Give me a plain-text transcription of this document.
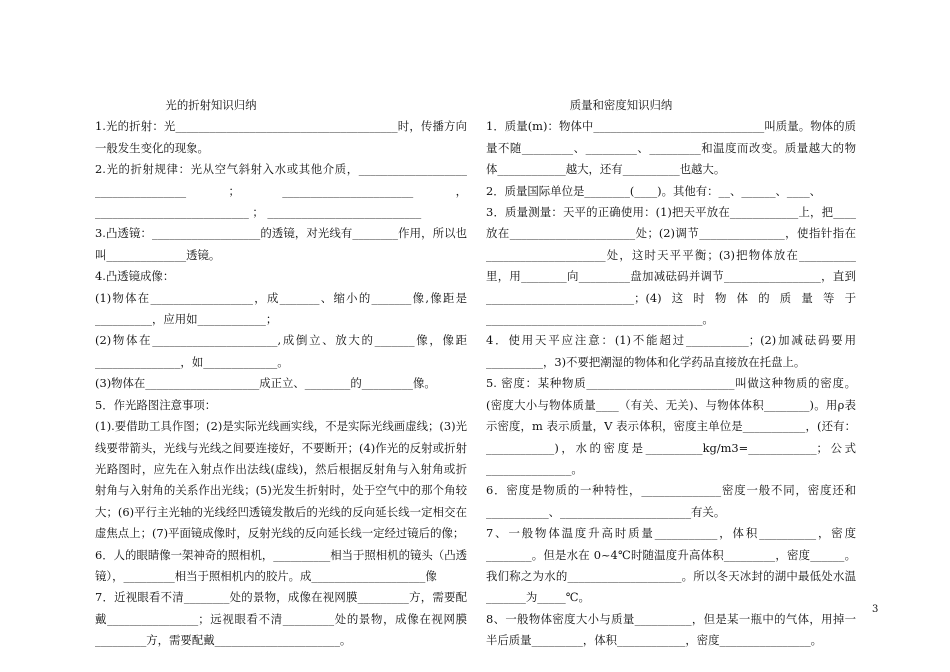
光的折射知识归纳
1.光的折射：光_______________________________________时，传播方向一般发生变化的现象。
2.光的折射规律：光从空气斜射入水或其他介质，___________________ ________________ ； _______________________ ， ___________________________ ； ___________________________
3.凸透镜：___________________的透镜，对光线有________作用，所以也叫______________透镜。
4.凸透镜成像：
(1)物体在__________________，成_______、缩小的_______像,像距是__________，应用如____________；
(2)物体在______________________,成倒立、放大的_______像，像距_______________，如_____________。
(3)物体在____________________成正立、________的_________像。
5．作光路图注意事项：
(1).要借助工具作图；(2)是实际光线画实线，不是实际光线画虚线；(3)光线要带箭头，光线与光线之间要连接好，不要断开；(4)作光的反射或折射光路图时，应先在入射点作出法线(虚线)，然后根据反射角与入射角或折射角与入射角的关系作出光线；(5)光发生折射时，处于空气中的那个角较大；(6)平行主光轴的光线经凹透镜发散后的光线的反向延长线一定相交在虚焦点上；(7)平面镜成像时，反射光线的反向延长线一定经过镜后的像；
6．人的眼睛像一架神奇的照相机，__________相当于照相机的镜头（凸透镜），_________相当于照相机内的胶片。成____________________像
7．近视眼看不清________处的景物，成像在视网膜_________方，需要配戴________________；远视眼看不清_________处的景物，成像在视网膜_________方，需要配戴______________________。
质量和密度知识归纳
1．质量(m)：物体中______________________________叫质量。物体的质量不随_________、_________、_________和温度而改变。质量越大的物体____________越大，还有__________也越大。
2．质量国际单位是________(____)。其他有：__、______、____、
3．质量测量：天平的正确使用：(1)把天平放在____________上，把____放在______________________处；(2)调节_______________，使指针指在_____________________处，这时天平平衡；(3)把物体放在__________里，用________向_________盘加减砝码并调节_________________，直到__________________________；(4)这时物体的质量等于______________________________________。
4．使用天平应注意：(1)不能超过___________；(2)加减砝码要用__________，3)不要把潮湿的物体和化学药品直接放在托盘上。
5. 密度：某种物质__________________________叫做这种物质的密度。(密度大小与物体质量____（有关、无关)、与物体体积________)。用ρ表示密度，m 表示质量，V 表示体积，密度主单位是___________，(还有：____________)，水的密度是__________kg/m3=____________；公式_______________。
6．密度是物质的一种特性，______________密度一般不同，密度还和___________、_______________________有关。
7、一般物体温度升高时质量___________，体积__________，密度________。但是水在 0~4℃时随温度升高体积_________，密度______。我们称之为水的____________________。所以冬天冰封的湖中最低处水温_______为_____℃。
8、一般物体密度大小与质量__________，但是某一瓶中的气体，用掉一半后质量_________，体积____________，密度________________。
3
